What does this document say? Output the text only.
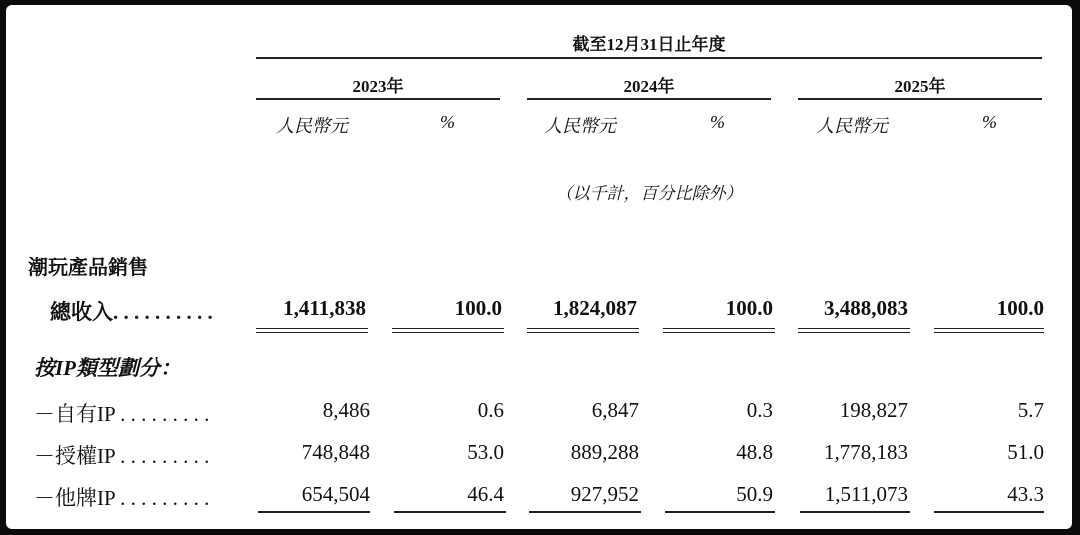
截至12月31日止年度
2023年	2024年	2025年
人民幣元	%	人民幣元	%	人民幣元	%
（以千計，百分比除外）
潮玩產品銷售
總收入. . . . . . . . . .	1,411,838	100.0	1,824,087	100.0	3,488,083	100.0
按IP類型劃分：
－自有IP . . . . . . . . .	8,486	0.6	6,847	0.3	198,827	5.7
－授權IP . . . . . . . . .	748,848	53.0	889,288	48.8	1,778,183	51.0
－他牌IP . . . . . . . . .	654,504	46.4	927,952	50.9	1,511,073	43.3
